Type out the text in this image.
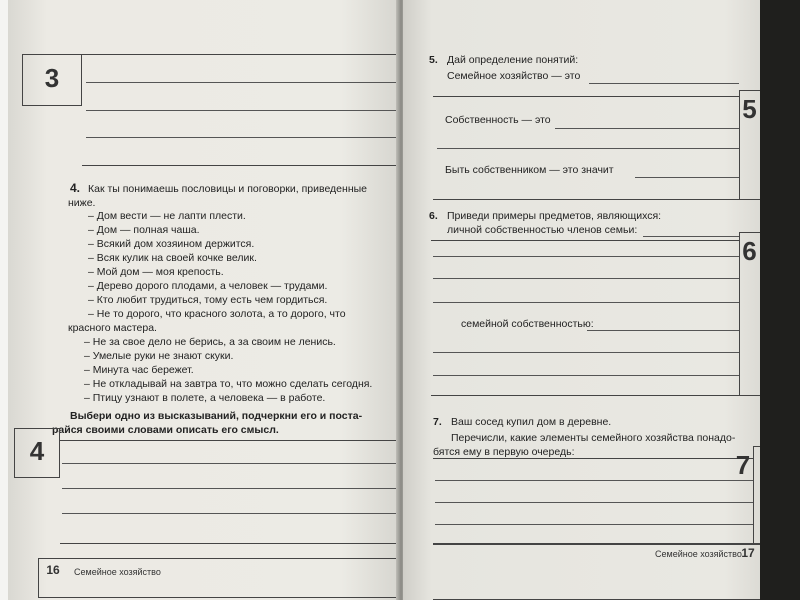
3
4. Как ты понимаешь пословицы и поговорки, приведенные
ниже.
– Дом вести — не лапти плести.
– Дом — полная чаша.
– Всякий дом хозяином держится.
– Всяк кулик на своей кочке велик.
– Мой дом — моя крепость.
– Дерево дорого плодами, а человек — трудами.
– Кто любит трудиться, тому есть чем гордиться.
– Не то дорого, что красного золота, а то дорого, что
красного мастера.
– Не за свое дело не берись, а за своим не ленись.
– Умелые руки не знают скуки.
– Минута час бережет.
– Не откладывай на завтра то, что можно сделать сегодня.
– Птицу узнают в полете, а человека — в работе.
Выбери одно из высказываний, подчеркни его и поста-
райся своими словами описать его смысл.
4
16	Семейное хозяйство
5. Дай определение понятий:
Семейное хозяйство — это
5
Собственность — это
Быть собственником — это значит
6. Приведи примеры предметов, являющихся:
личной собственностью членов семьи:
6
семейной собственностью:
7. Ваш сосед купил дом в деревне.
Перечисли, какие элементы семейного хозяйства понадо-
бятся ему в первую очередь:	7
Семейное хозяйство 17
